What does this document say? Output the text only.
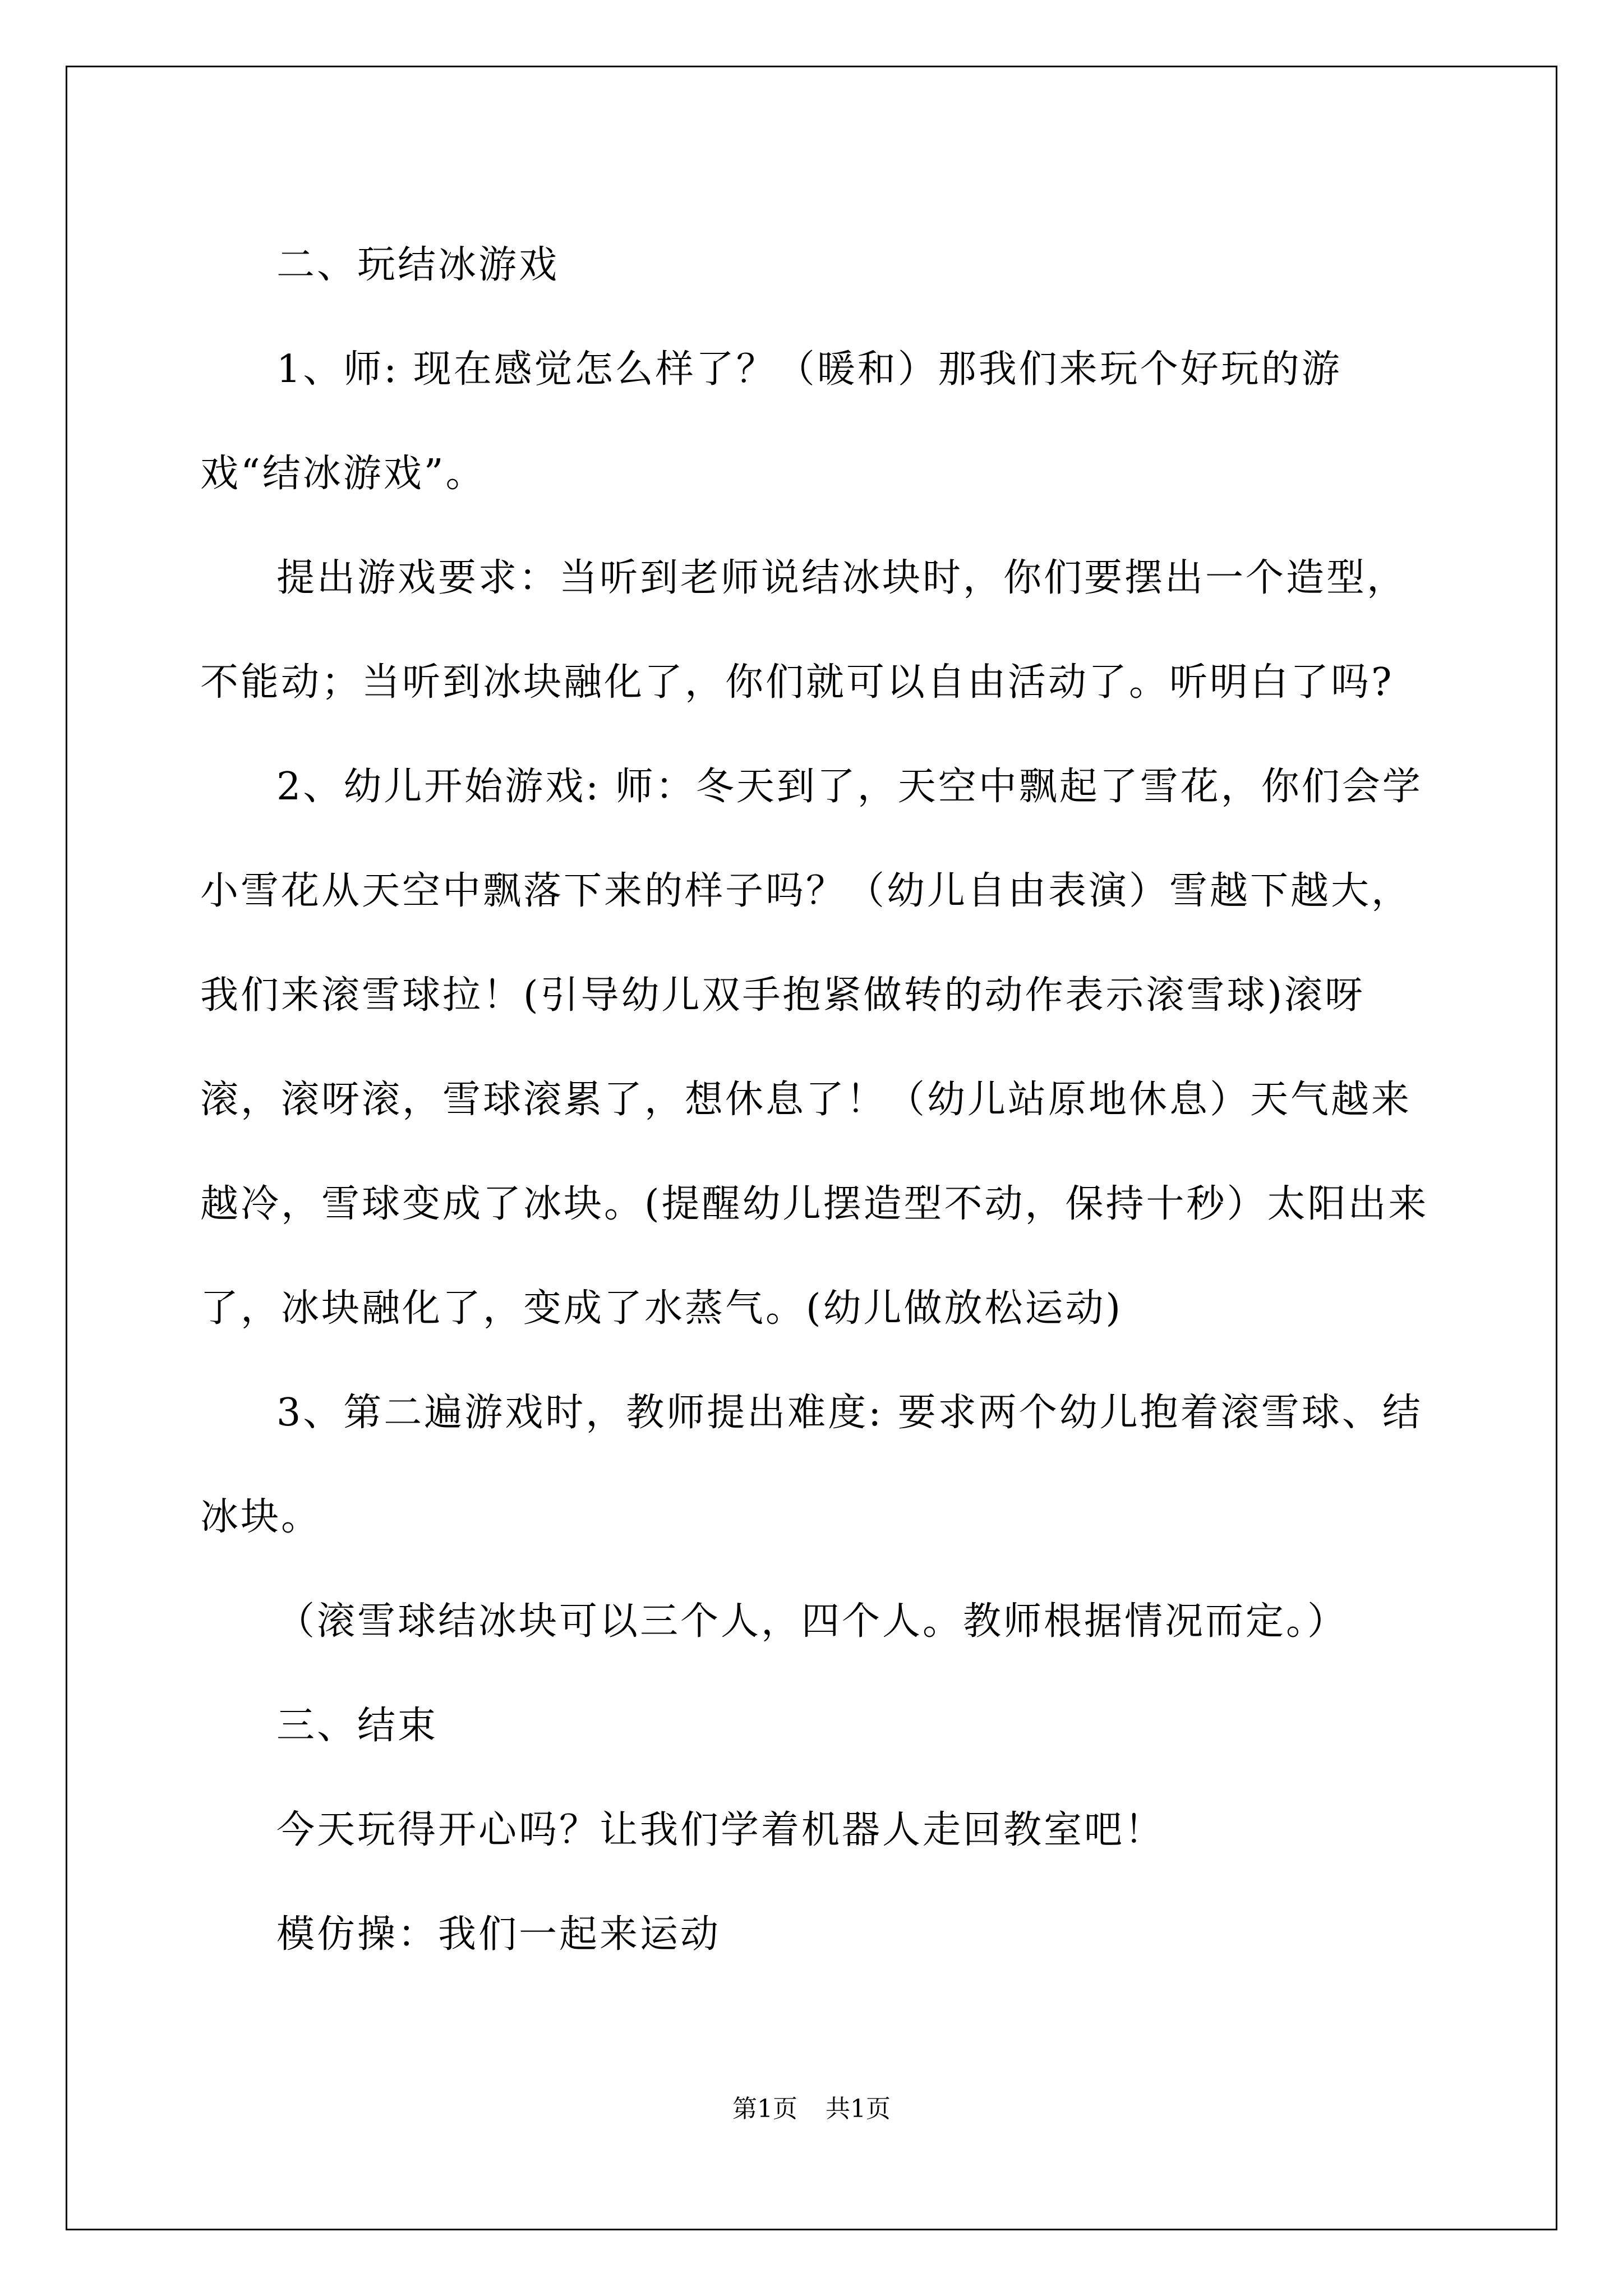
二、玩结冰游戏

1、师: 现在感觉怎么样了？（暖和）那我们来玩个好玩的游戏“结冰游戏”。

提出游戏要求：当听到老师说结冰块时，你们要摆出一个造型，不能动；当听到冰块融化了，你们就可以自由活动了。听明白了吗?

2、幼儿开始游戏: 师：冬天到了，天空中飘起了雪花，你们会学小雪花从天空中飘落下来的样子吗？（幼儿自由表演）雪越下越大，我们来滚雪球拉！(引导幼儿双手抱紧做转的动作表示滚雪球)滚呀滚，滚呀滚，雪球滚累了，想休息了！（幼儿站原地休息）天气越来越冷，雪球变成了冰块。(提醒幼儿摆造型不动，保持十秒）太阳出来了，冰块融化了，变成了水蒸气。(幼儿做放松运动)

3、第二遍游戏时，教师提出难度: 要求两个幼儿抱着滚雪球、结冰块。

（滚雪球结冰块可以三个人，四个人。教师根据情况而定。）

三、结束

今天玩得开心吗？让我们学着机器人走回教室吧！

模仿操：我们一起来运动

第1页 共1页
